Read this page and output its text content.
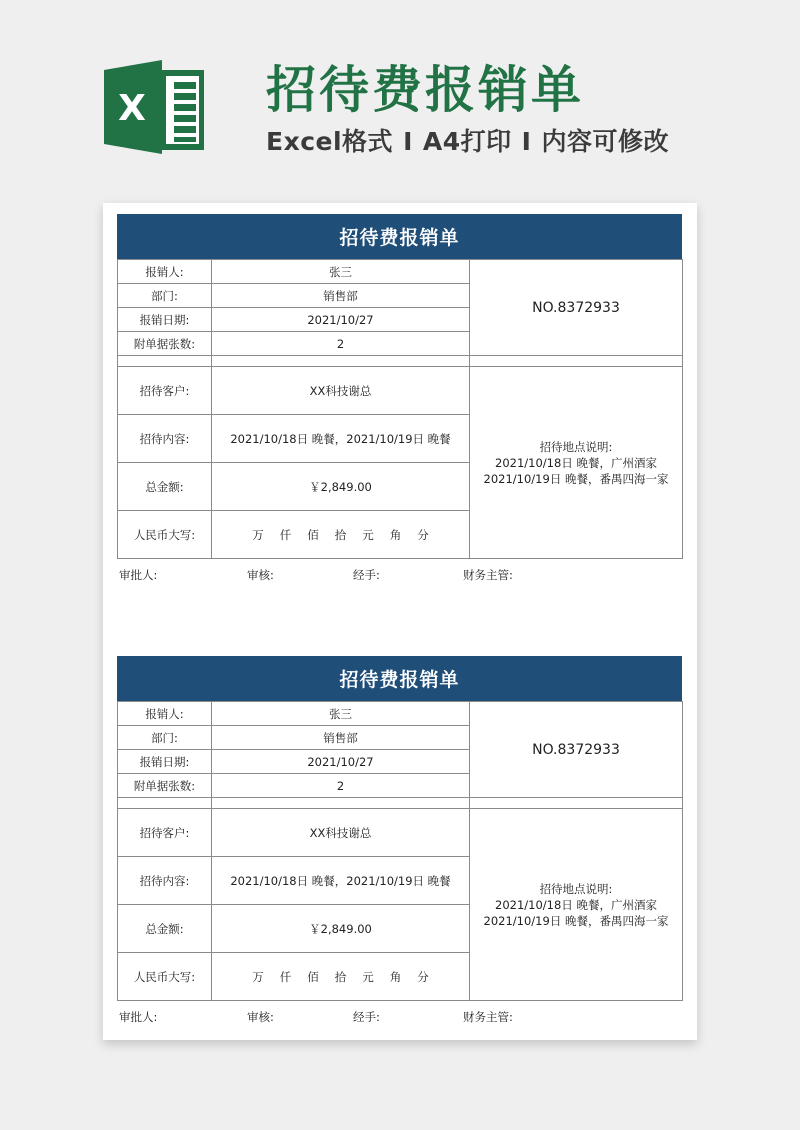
X 招待费报销单
Excel格式 I A4打印 I 内容可修改
招待费报销单
报销人:	张三	NO.8372933
部门:	销售部	
报销日期:	2021/10/27	
附单据张数:	2	

招待客户:	XX科技谢总	招待地点说明:
2021/10/18日 晚餐，广州酒家
2021/10/19日 晚餐，番禺四海一家

招待内容:	2021/10/18日 晚餐，2021/10/19日 晚餐	
总金额:	￥2,849.00	
人民币大写:	万 仟 佰 拾 元 角 分	
审批人:	审核:	经手:	财务主管:
招待费报销单
报销人:	张三	NO.8372933
部门:	销售部	
报销日期:	2021/10/27	
附单据张数:	2	

招待客户:	XX科技谢总	招待地点说明:
2021/10/18日 晚餐，广州酒家
2021/10/19日 晚餐，番禺四海一家

招待内容:	2021/10/18日 晚餐，2021/10/19日 晚餐	
总金额:	￥2,849.00	
人民币大写:	万 仟 佰 拾 元 角 分	
审批人:	审核:	经手:	财务主管:
